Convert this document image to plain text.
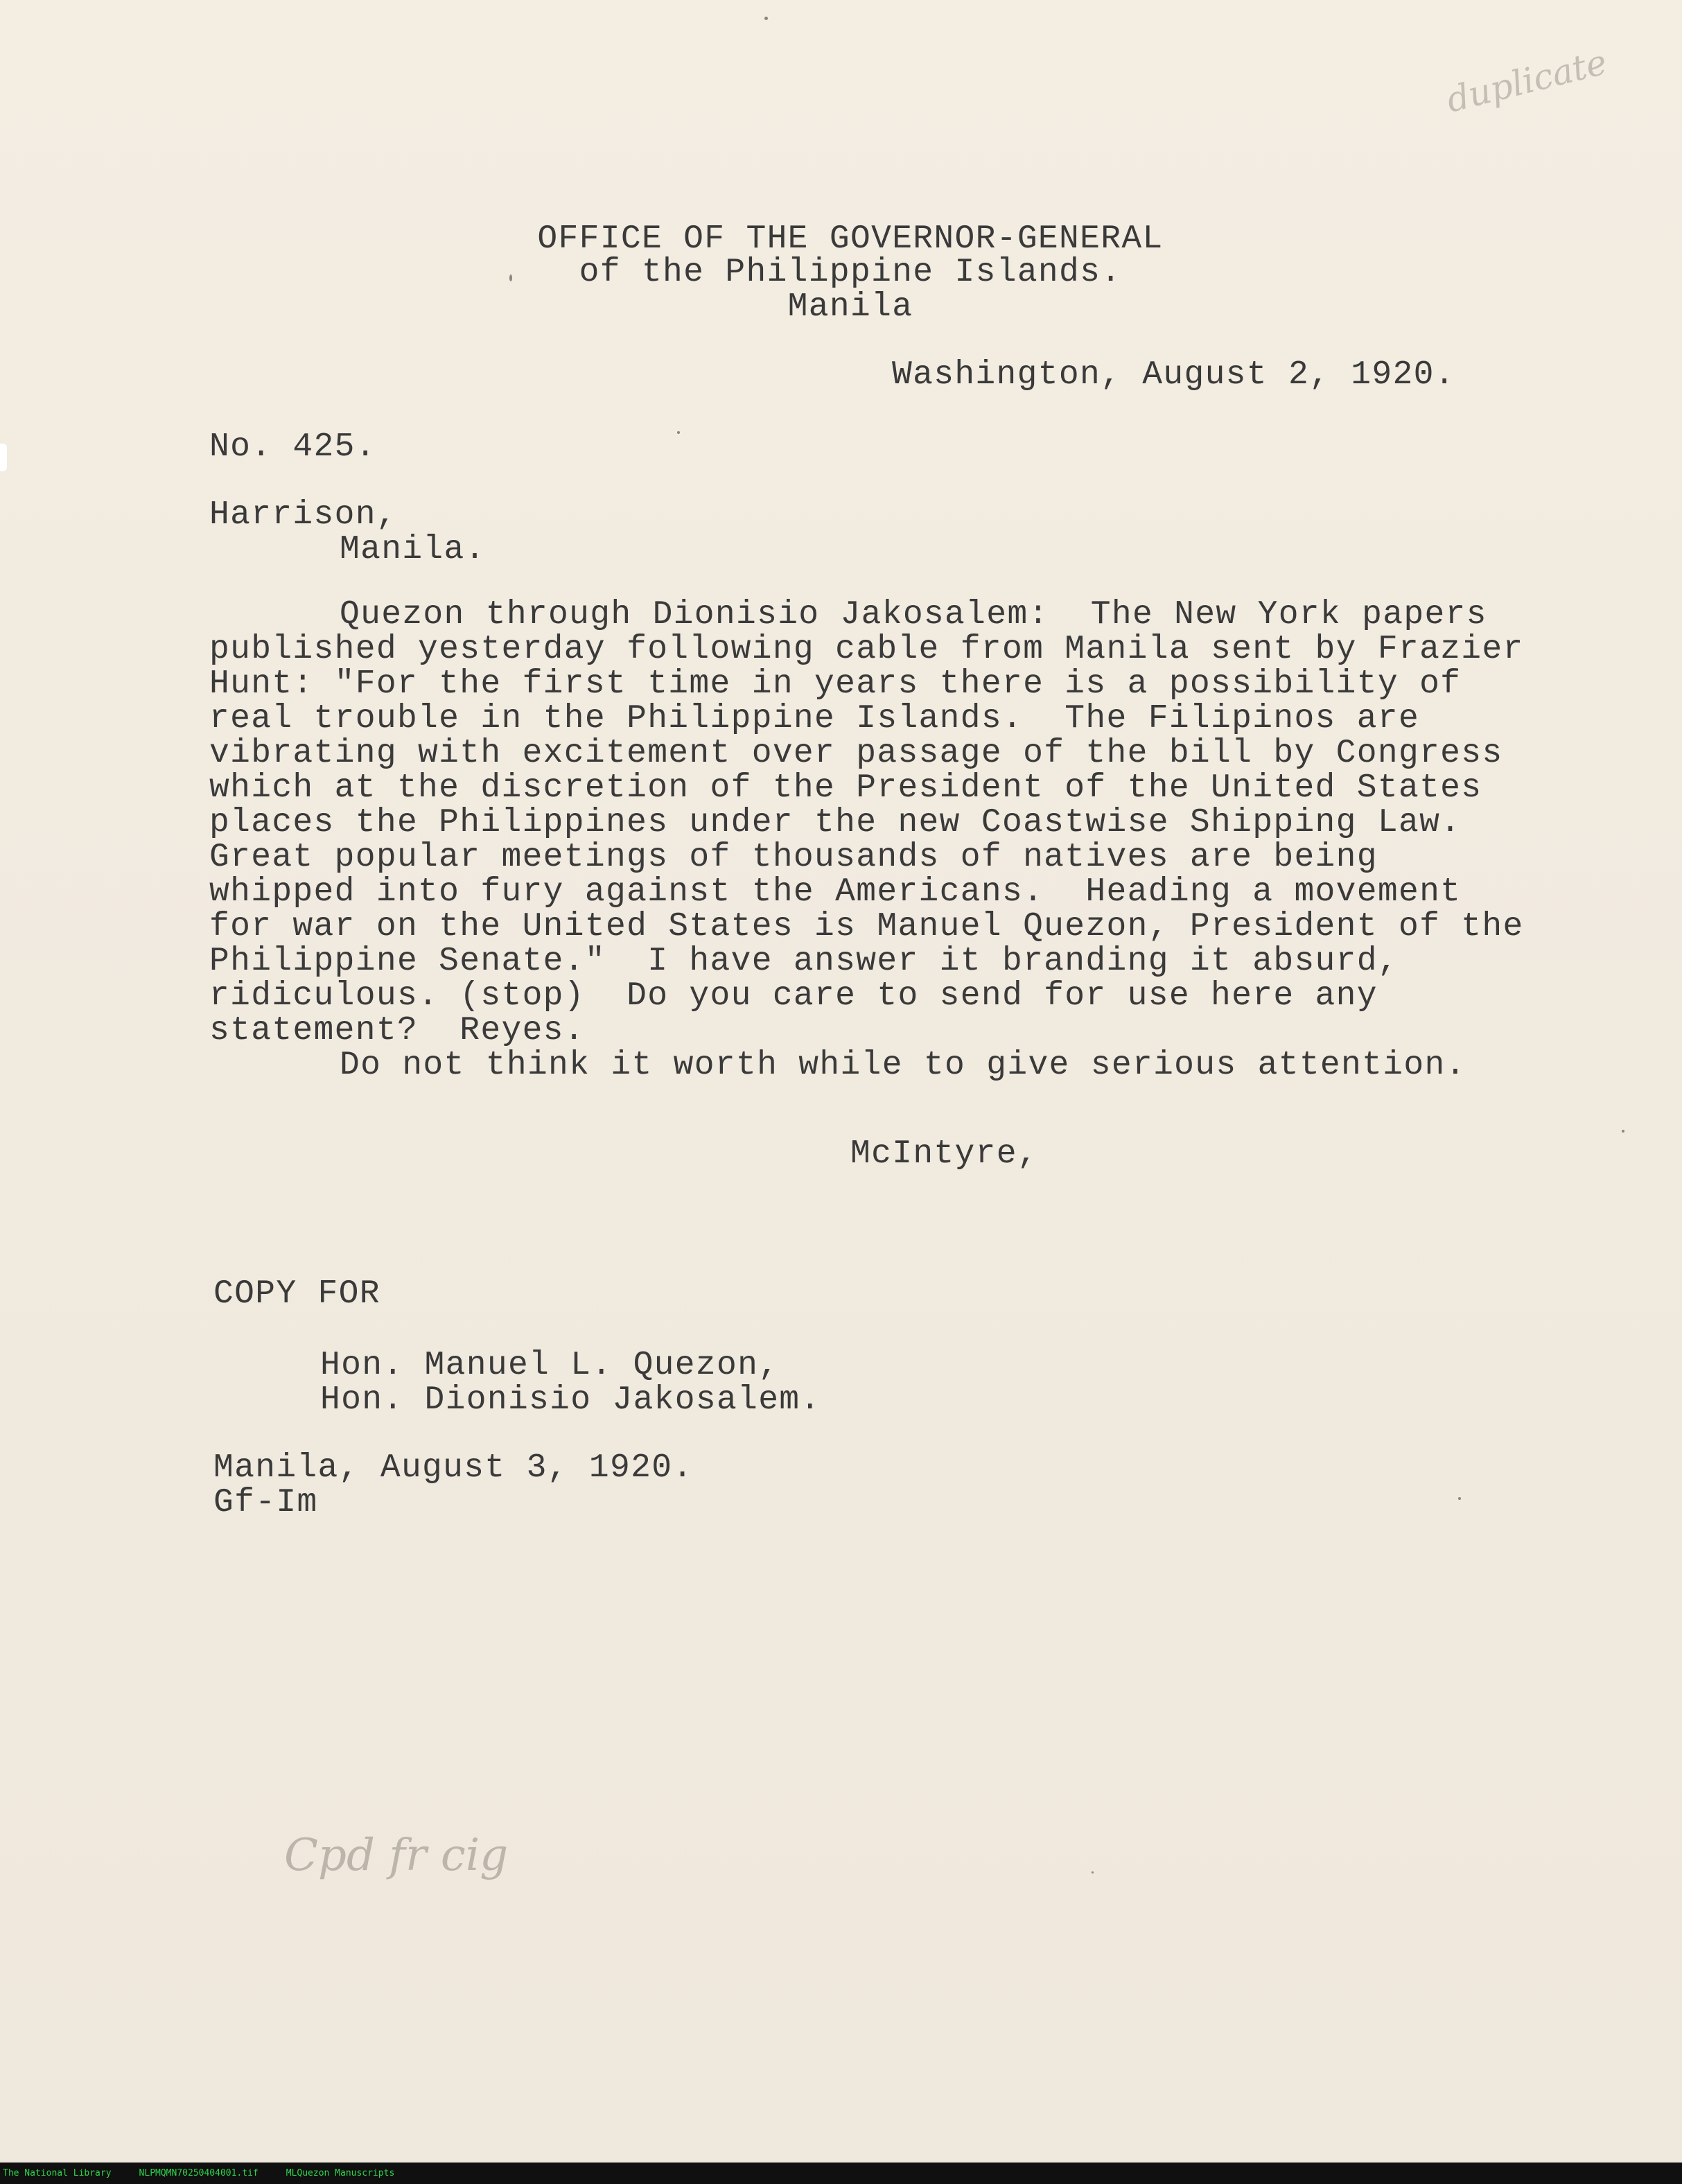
duplicate
Cpd fr cig
OFFICE OF THE GOVERNOR-GENERAL
of the Philippine Islands.
Manila
Washington, August 2, 1920.
No. 425.
Harrison,
Manila.
Quezon through Dionisio Jakosalem:  The New York papers
published yesterday following cable from Manila sent by Frazier
Hunt: "For the first time in years there is a possibility of
real trouble in the Philippine Islands.  The Filipinos are
vibrating with excitement over passage of the bill by Congress
which at the discretion of the President of the United States
places the Philippines under the new Coastwise Shipping Law.
Great popular meetings of thousands of natives are being
whipped into fury against the Americans.  Heading a movement
for war on the United States is Manuel Quezon, President of the
Philippine Senate."  I have answer it branding it absurd,
ridiculous. (stop)  Do you care to send for use here any
statement?  Reyes.
Do not think it worth while to give serious attention.
McIntyre,
COPY FOR
Hon. Manuel L. Quezon,
Hon. Dionisio Jakosalem.
Manila, August 3, 1920.
Gf-Im
The National Library	NLPMQMN70250404001.tif	MLQuezon Manuscripts
